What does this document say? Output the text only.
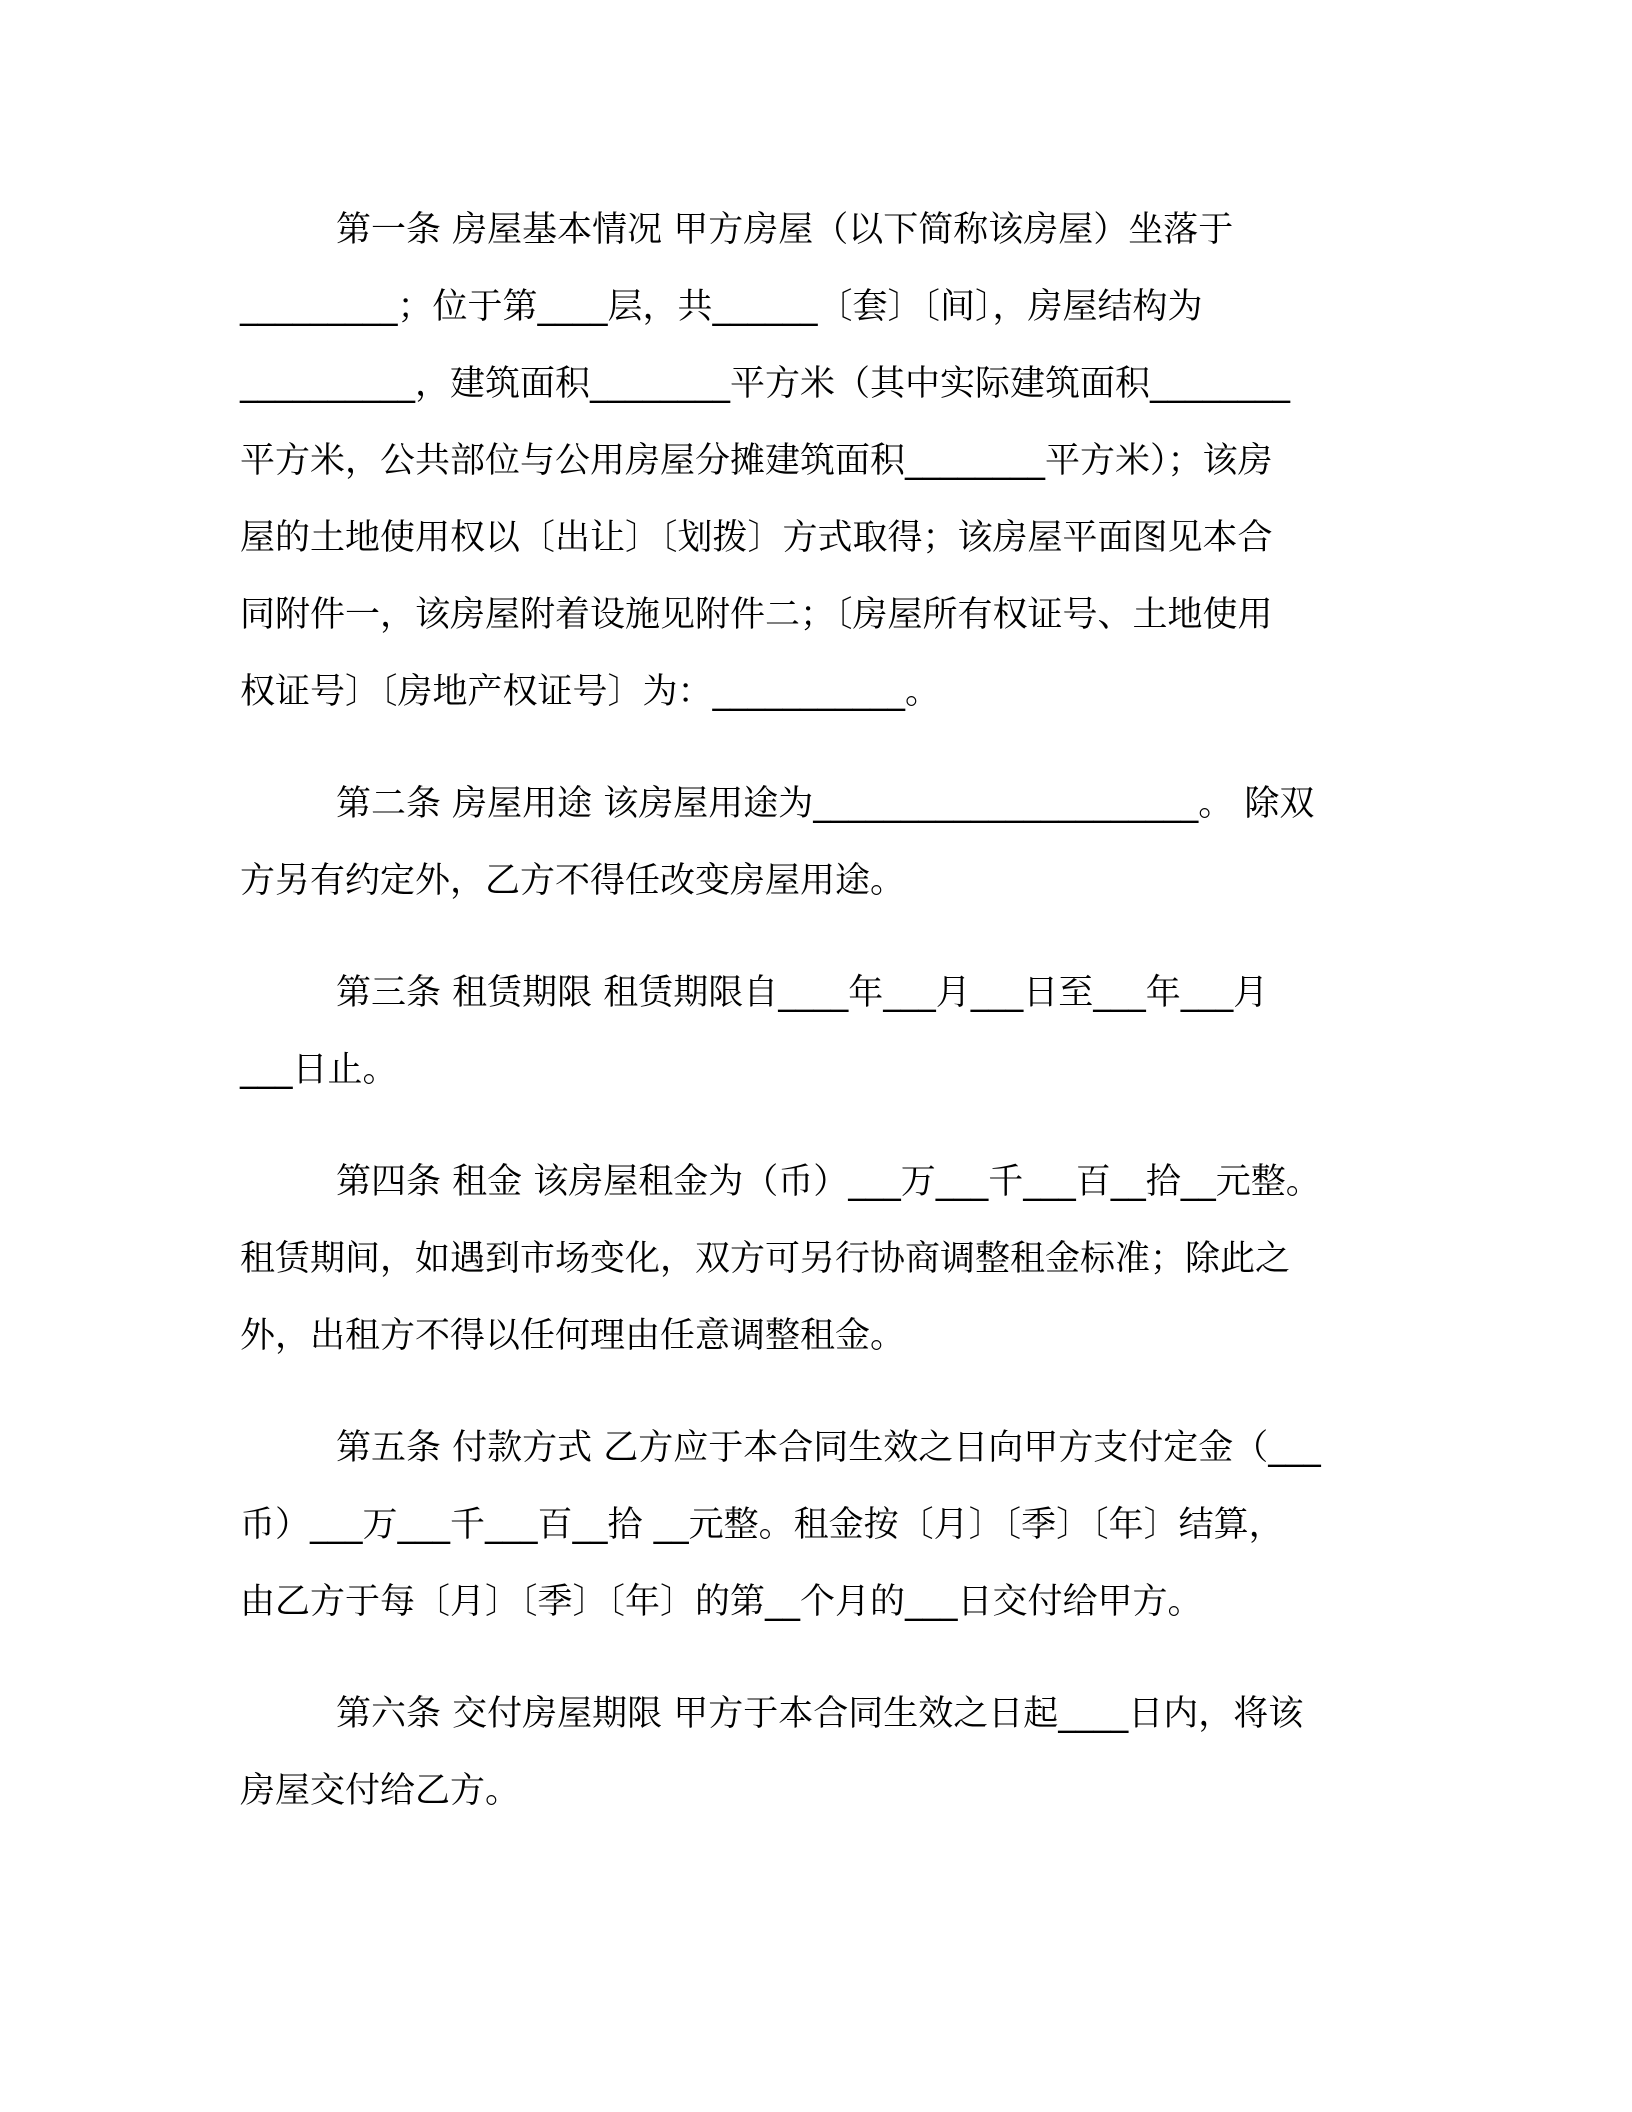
第一条 房屋基本情况 甲方房屋（以下简称该房屋）坐落于
_________；位于第____层，共______〔套〕〔间〕，房屋结构为
__________，建筑面积________平方米（其中实际建筑面积________
平方米，公共部位与公用房屋分摊建筑面积________平方米）；该房
屋的土地使用权以〔出让〕〔划拨〕方式取得；该房屋平面图见本合
同附件一，该房屋附着设施见附件二；〔房屋所有权证号、土地使用
权证号〕〔房地产权证号〕为：___________。

第二条 房屋用途 该房屋用途为______________________。 除双
方另有约定外，乙方不得任改变房屋用途。

第三条 租赁期限 租赁期限自____年___月___日至___年___月
___日止。

第四条 租金 该房屋租金为（币）___万___千___百__拾__元整。
租赁期间，如遇到市场变化，双方可另行协商调整租金标准；除此之
外，出租方不得以任何理由任意调整租金。

第五条 付款方式 乙方应于本合同生效之日向甲方支付定金（___
币）___万___千___百__拾 __元整。租金按〔月〕〔季〕〔年〕结算，
由乙方于每〔月〕〔季〕〔年〕的第__个月的___日交付给甲方。

第六条 交付房屋期限 甲方于本合同生效之日起____日内，将该
房屋交付给乙方。
